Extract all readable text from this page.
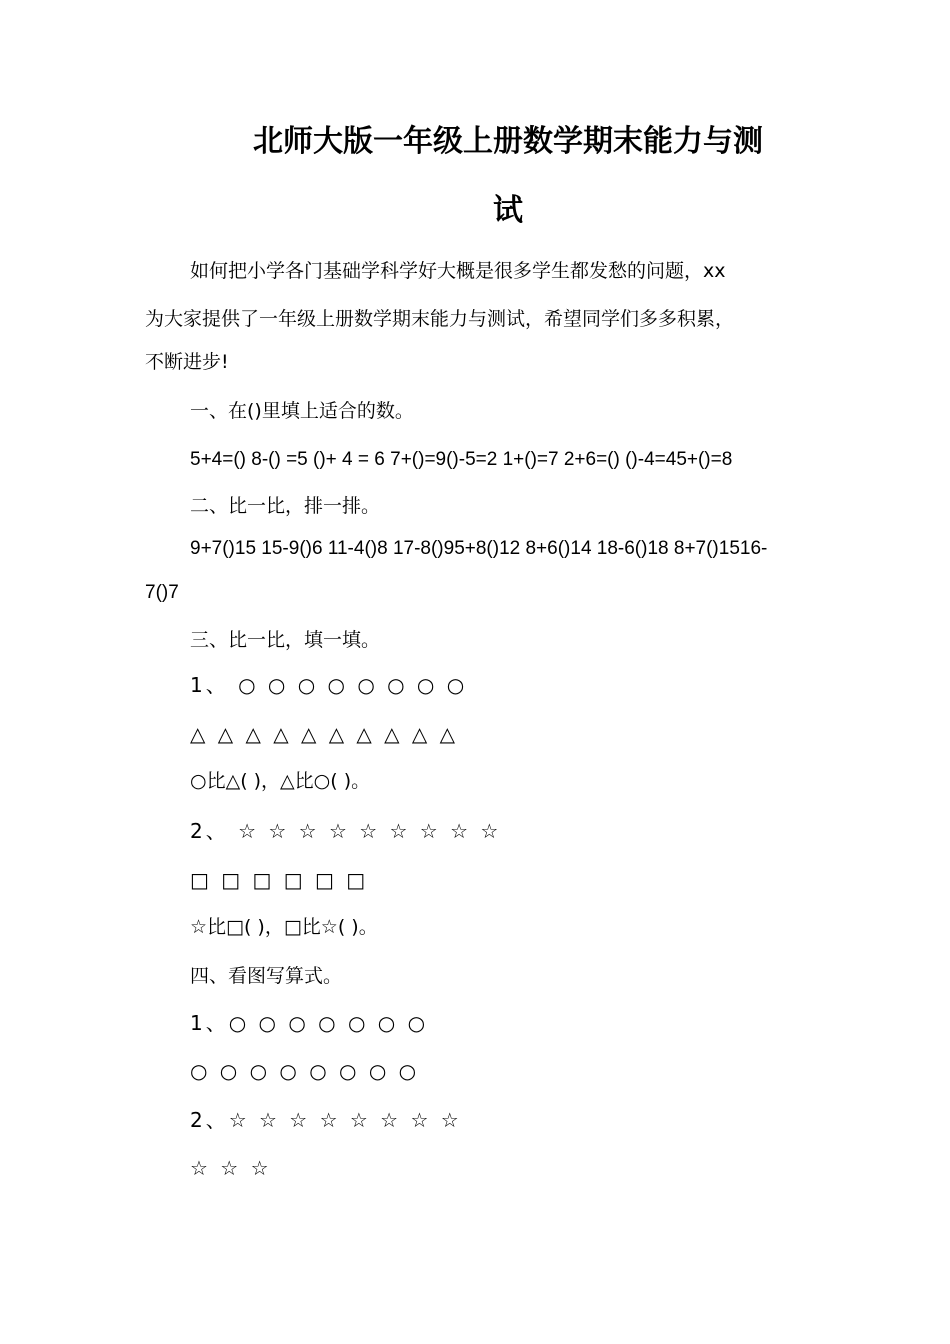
北师大版一年级上册数学期末能力与测
试
如何把小学各门基础学科学好大概是很多学生都发愁的问题，xx
为大家提供了一年级上册数学期末能力与测试，希望同学们多多积累，
不断进步!
一、在()里填上适合的数。
5+4=() 8-() =5 ()+ 4 = 6 7+()=9()-5=2 1+()=7 2+6=() ()-4=45+()=8
二、比一比，排一排。
9+7()15 15-9()6 11-4()8 17-8()95+8()12 8+6()14 18-6()18 8+7()1516-
7()7
三、比一比，填一填。
1、 ○ ○ ○ ○ ○ ○ ○ ○
△ △ △ △ △ △ △ △ △ △
○比△( )，△比○( )。
2、 ☆ ☆ ☆ ☆ ☆ ☆ ☆ ☆ ☆
□ □ □ □ □ □
☆比□( )，□比☆( )。
四、看图写算式。
1、○ ○ ○ ○ ○ ○ ○
○ ○ ○ ○ ○ ○ ○ ○
2、☆ ☆ ☆ ☆ ☆ ☆ ☆ ☆
☆ ☆ ☆
